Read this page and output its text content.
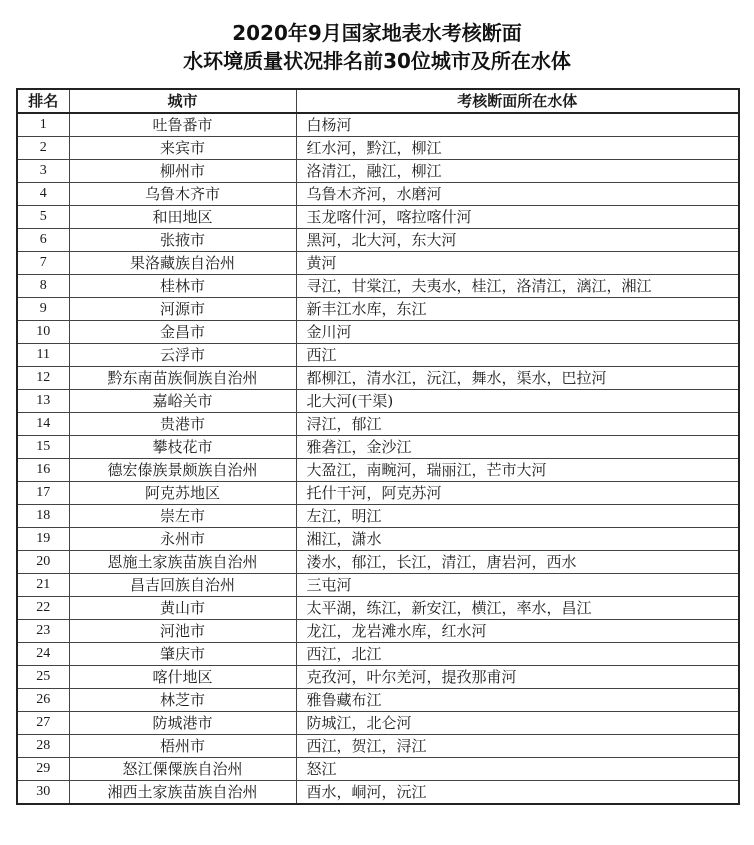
2020年9月国家地表水考核断面
水环境质量状况排名前30位城市及所在水体
排名	城市	考核断面所在水体
1	吐鲁番市	白杨河
2	来宾市	红水河，黔江，柳江
3	柳州市	洛清江，融江，柳江
4	乌鲁木齐市	乌鲁木齐河，水磨河
5	和田地区	玉龙喀什河，喀拉喀什河
6	张掖市	黑河，北大河，东大河
7	果洛藏族自治州	黄河
8	桂林市	寻江，甘棠江，夫夷水，桂江，洛清江，漓江，湘江
9	河源市	新丰江水库，东江
10	金昌市	金川河
11	云浮市	西江
12	黔东南苗族侗族自治州	都柳江，清水江，沅江，舞水，渠水，巴拉河
13	嘉峪关市	北大河(干渠)
14	贵港市	浔江，郁江
15	攀枝花市	雅砻江，金沙江
16	德宏傣族景颇族自治州	大盈江，南畹河，瑞丽江，芒市大河
17	阿克苏地区	托什干河，阿克苏河
18	崇左市	左江，明江
19	永州市	湘江，潇水
20	恩施土家族苗族自治州	溇水，郁江，长江，清江，唐岩河，西水
21	昌吉回族自治州	三屯河
22	黄山市	太平湖，练江，新安江，横江，率水，昌江
23	河池市	龙江，龙岩滩水库，红水河
24	肇庆市	西江，北江
25	喀什地区	克孜河，叶尔羌河，提孜那甫河
26	林芝市	雅鲁藏布江
27	防城港市	防城江，北仑河
28	梧州市	西江，贺江，浔江
29	怒江傈僳族自治州	怒江
30	湘西土家族苗族自治州	酉水，峒河，沅江
